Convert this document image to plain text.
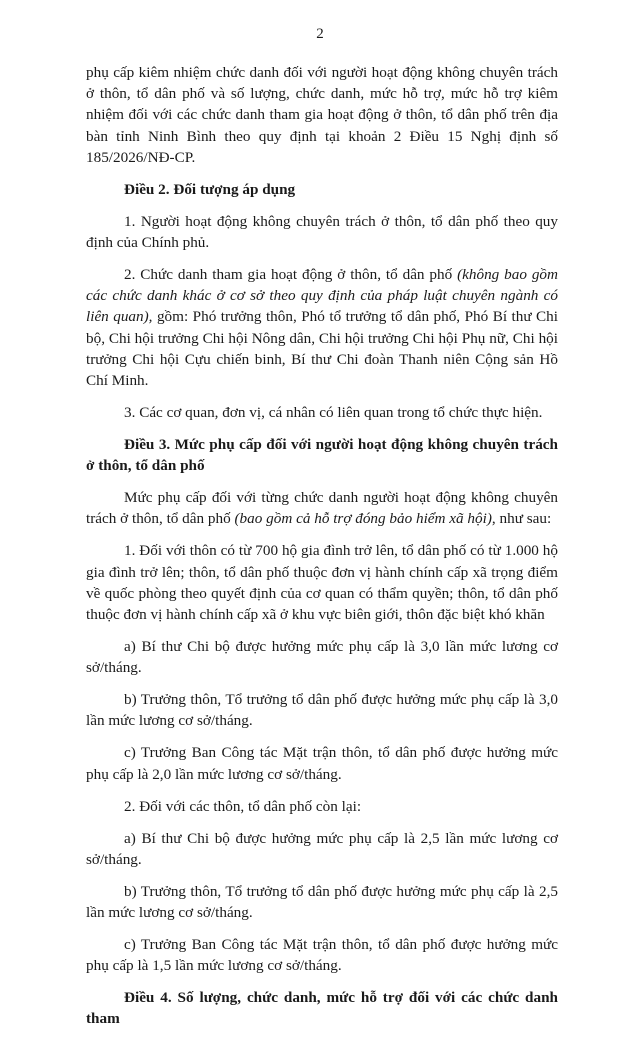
2

phụ cấp kiêm nhiệm chức danh đối với người hoạt động không chuyên trách ở thôn, tổ dân phố và số lượng, chức danh, mức hỗ trợ, mức hỗ trợ kiêm nhiệm đối với các chức danh tham gia hoạt động ở thôn, tổ dân phố trên địa bàn tỉnh Ninh Bình theo quy định tại khoản 2 Điều 15 Nghị định số 185/2026/NĐ-CP.

Điều 2. Đối tượng áp dụng

1. Người hoạt động không chuyên trách ở thôn, tổ dân phố theo quy định của Chính phủ.

2. Chức danh tham gia hoạt động ở thôn, tổ dân phố (không bao gồm các chức danh khác ở cơ sở theo quy định của pháp luật chuyên ngành có liên quan), gồm: Phó trưởng thôn, Phó tổ trưởng tổ dân phố, Phó Bí thư Chi bộ, Chi hội trưởng Chi hội Nông dân, Chi hội trưởng Chi hội Phụ nữ, Chi hội trưởng Chi hội Cựu chiến binh, Bí thư Chi đoàn Thanh niên Cộng sản Hồ Chí Minh.

3. Các cơ quan, đơn vị, cá nhân có liên quan trong tổ chức thực hiện.

Điều 3. Mức phụ cấp đối với người hoạt động không chuyên trách ở thôn, tổ dân phố

Mức phụ cấp đối với từng chức danh người hoạt động không chuyên trách ở thôn, tổ dân phố (bao gồm cả hỗ trợ đóng bảo hiểm xã hội), như sau:

1. Đối với thôn có từ 700 hộ gia đình trở lên, tổ dân phố có từ 1.000 hộ gia đình trở lên; thôn, tổ dân phố thuộc đơn vị hành chính cấp xã trọng điểm về quốc phòng theo quyết định của cơ quan có thẩm quyền; thôn, tổ dân phố thuộc đơn vị hành chính cấp xã ở khu vực biên giới, thôn đặc biệt khó khăn

a) Bí thư Chi bộ được hưởng mức phụ cấp là 3,0 lần mức lương cơ sở/tháng.

b) Trưởng thôn, Tổ trưởng tổ dân phố được hưởng mức phụ cấp là 3,0 lần mức lương cơ sở/tháng.

c) Trưởng Ban Công tác Mặt trận thôn, tổ dân phố được hưởng mức phụ cấp là 2,0 lần mức lương cơ sở/tháng.

2. Đối với các thôn, tổ dân phố còn lại:

a) Bí thư Chi bộ được hưởng mức phụ cấp là 2,5 lần mức lương cơ sở/tháng.

b) Trưởng thôn, Tổ trưởng tổ dân phố được hưởng mức phụ cấp là 2,5 lần mức lương cơ sở/tháng.

c) Trưởng Ban Công tác Mặt trận thôn, tổ dân phố được hưởng mức phụ cấp là 1,5 lần mức lương cơ sở/tháng.

Điều 4. Số lượng, chức danh, mức hỗ trợ đối với các chức danh tham
